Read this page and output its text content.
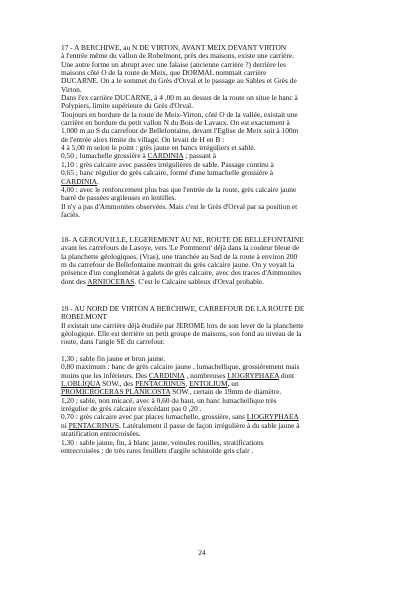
17 - A BERCHIWE, au N DE VIRTON, AVANT MEIX DEVANT VIRTON

à l'entrée même du vallon de Robelmont, près des maisons, existe une carrière.

Une autre forme un abrupt avec une falaise (ancienne carrière ?) derrière les

maisons côté O de la route de Meix, que DORMAL nommait carrière

DUCARNE. On a le sommet du Grès d'Orval et le passage au Sables et Grès de

Virton.

Dans l'ex carrière DUCARNE, à 4 ,00 m au dessus de la route on situe le banc à

Polypiers, limite supérieure du Grès d'Orval.

Toujours en bordure de la route de Meix-Virton, côté O de la vallée, existait une

carrière en bordure du petit vallon N du Bois de Lavaux. On est exactement à

1.000 m au S du carrefour de Bellefontaine, devant l'Eglise de Meix soit à 100m

de l'entrée alors limite du village. On levait de H en B :

4 à 5,00 m selon le point : grès jaune en bancs irréguliers et sablé.

0,50 ; lumachelle grossière à CARDINIA ; passant à

1,10 : grès calcaire avec passées irrégulières de sable. Passage continu à

0,65 ; banc régulier de grès calcaire, formé d'une lumachelle grossière à

CARDINIA.

4,00 : avec le renfoncement plus bas que l'entrée de la route, grès calcaire jaune

barré de passées argileuses en lentilles.

Il n'y a pas d'Ammonites observées. Mais c'est le Grès d'Orval par sa position et

faciès.

18- A GEROUVILLE, LEGEREMENT AU NE, ROUTE DE BELLEFONTAINE

avant les carrefours de Lasoye, vers 'Le Pommerut' déjà dans la couleur bleue de

la planchette géologiques, (Vras), une tranchée au Sud de la route à environ 200

m du carrefour de Bellefontaine montrait du grès calcaire jaune. On y voyait la

présence d'un conglomérat à galets de grès calcaire, avec des traces d'Ammonites

dont des ARNIOCERAS. C'est le Calcaire sableux d'Orval probable.

19 - AU NORD DE VIRTON A BERCHIWE, CARREFOUR DE LA ROUTE DE

ROBELMONT

Il existait une carrière déjà étudiée par JEROME lors de son lever de la planchette

géologique. Elle est derrière un petit groupe de maisons, son fond au niveau de la

route, dans l'angle SE du carrefour.

1,30 ; sable fin jaune et brun jaune.

0,80 maximum : banc de grès calcaire jaune , lumachellique, grossièrement mais

moins que les inférieurs. Des CARDINIA , nombreuses LIOGRYPHAEA dont

L.OBLIQUA SOW., des PENTACRINUS, ENTOLIUM, un

PROMICROCERAS PLANICOSTA SOW., certain de 19mm de diamètre.

1,20 ; sable, non micacé, avec à 0,60 du haut, un banc lumachellique très

irrégulier de grès calcaire n'excédant pas 0 ,20 .

0,70 : grès calcaire avec par places lumachelle, grossière, sans LIOGRYPHAEA

ni PENTACRINUS. Latéralement il passe de façon irrégulière à du sable jaune à

stratification entrecroisées.

1,30 : sable jaune, fin, à blanc jaune, veinules rouilles, stratifications

entrecroisées ; de très rares feuillets d'argile schistoïde gris clair .

24
